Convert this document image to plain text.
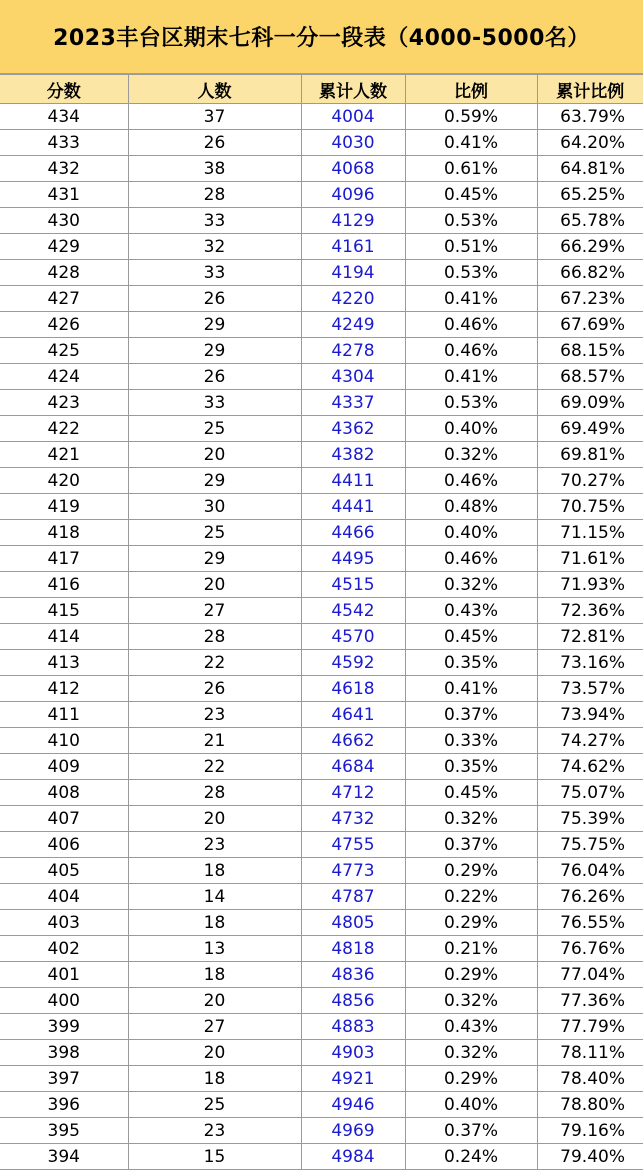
2023丰台区期末七科一分一段表（4000-5000名）
分数	人数	累计人数	比例	累计比例
434	37	4004	0.59%	63.79%
433	26	4030	0.41%	64.20%
432	38	4068	0.61%	64.81%
431	28	4096	0.45%	65.25%
430	33	4129	0.53%	65.78%
429	32	4161	0.51%	66.29%
428	33	4194	0.53%	66.82%
427	26	4220	0.41%	67.23%
426	29	4249	0.46%	67.69%
425	29	4278	0.46%	68.15%
424	26	4304	0.41%	68.57%
423	33	4337	0.53%	69.09%
422	25	4362	0.40%	69.49%
421	20	4382	0.32%	69.81%
420	29	4411	0.46%	70.27%
419	30	4441	0.48%	70.75%
418	25	4466	0.40%	71.15%
417	29	4495	0.46%	71.61%
416	20	4515	0.32%	71.93%
415	27	4542	0.43%	72.36%
414	28	4570	0.45%	72.81%
413	22	4592	0.35%	73.16%
412	26	4618	0.41%	73.57%
411	23	4641	0.37%	73.94%
410	21	4662	0.33%	74.27%
409	22	4684	0.35%	74.62%
408	28	4712	0.45%	75.07%
407	20	4732	0.32%	75.39%
406	23	4755	0.37%	75.75%
405	18	4773	0.29%	76.04%
404	14	4787	0.22%	76.26%
403	18	4805	0.29%	76.55%
402	13	4818	0.21%	76.76%
401	18	4836	0.29%	77.04%
400	20	4856	0.32%	77.36%
399	27	4883	0.43%	77.79%
398	20	4903	0.32%	78.11%
397	18	4921	0.29%	78.40%
396	25	4946	0.40%	78.80%
395	23	4969	0.37%	79.16%
394	15	4984	0.24%	79.40%
